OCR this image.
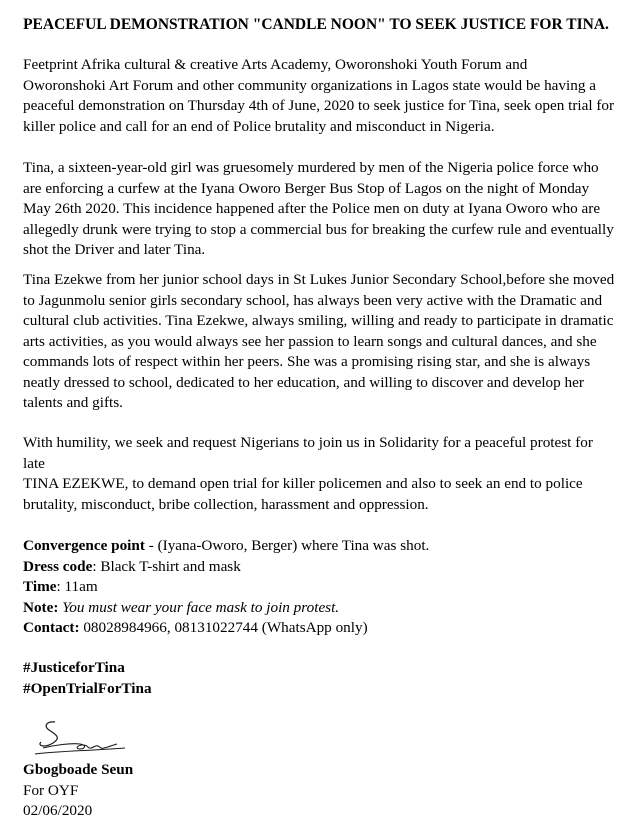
PEACEFUL DEMONSTRATION "CANDLE NOON" TO SEEK JUSTICE FOR TINA.

Feetprint Afrika cultural & creative Arts Academy, Oworonshoki Youth Forum and
Oworonshoki Art Forum and other community organizations in Lagos state would be having a
peaceful demonstration on Thursday 4th of June, 2020 to seek justice for Tina, seek open trial for
killer police and call for an end of Police brutality and misconduct in Nigeria.

Tina, a sixteen-year-old girl was gruesomely murdered by men of the Nigeria police force who
are enforcing a curfew at the Iyana Oworo Berger Bus Stop of Lagos on the night of Monday
May 26th 2020. This incidence happened after the Police men on duty at Iyana Oworo who are
allegedly drunk were trying to stop a commercial bus for breaking the curfew rule and eventually
shot the Driver and later Tina.

Tina Ezekwe from her junior school days in St Lukes Junior Secondary School,before she moved
to Jagunmolu senior girls secondary school, has always been very active with the Dramatic and
cultural club activities. Tina Ezekwe, always smiling, willing and ready to participate in dramatic
arts activities, as you would always see her passion to learn songs and cultural dances, and she
commands lots of respect within her peers. She was a promising rising star, and she is always
neatly dressed to school, dedicated to her education, and willing to discover and develop her
talents and gifts.

With humility, we seek and request Nigerians to join us in Solidarity for a peaceful protest for
late
TINA EZEKWE, to demand open trial for killer policemen and also to seek an end to police
brutality, misconduct, bribe collection, harassment and oppression.

Convergence point - (Iyana-Oworo, Berger) where Tina was shot.
Dress code: Black T-shirt and mask
Time: 11am
Note: You must wear your face mask to join protest.
Contact: 08028984966, 08131022744 (WhatsApp only)
#JusticeforTina
#OpenTrialForTina
Gbogboade Seun
For OYF
02/06/2020
